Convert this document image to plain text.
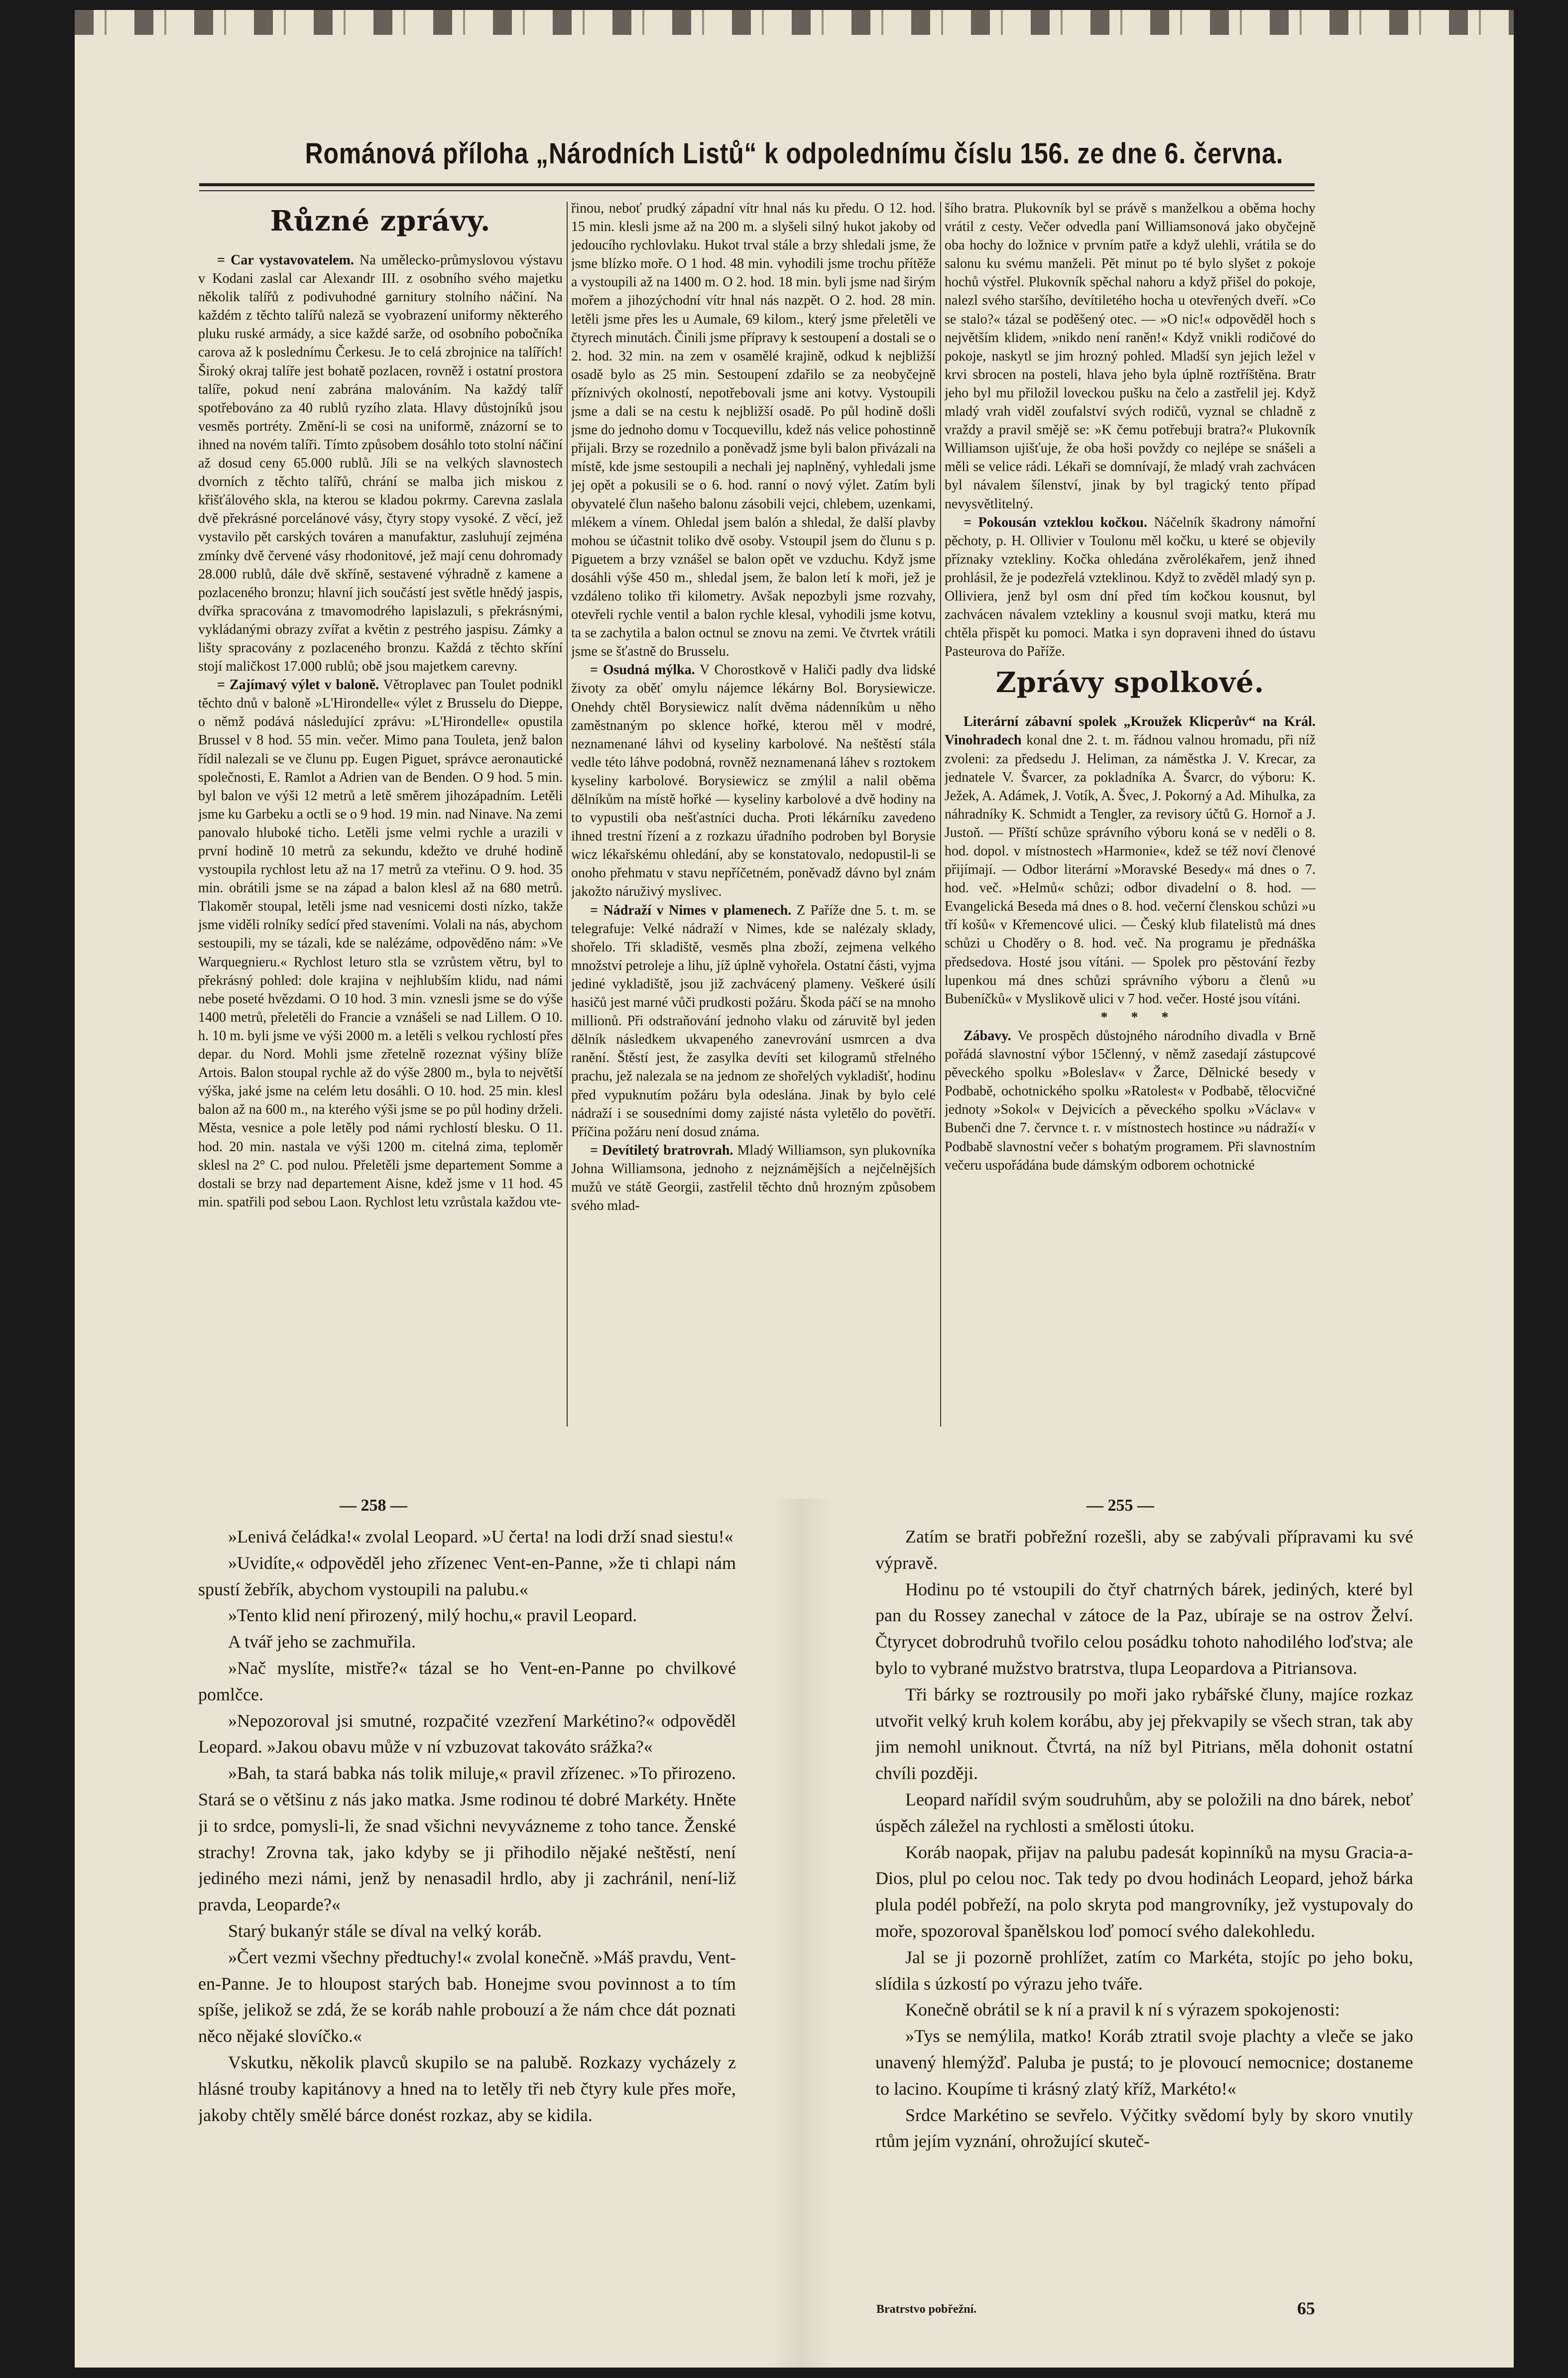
Románová příloha „Národních Listů“ k odpolednímu číslu 156. ze dne 6. června.
Různé zprávy.

= Car vystavovatelem. Na umělecko-průmyslovou výstavu v Kodani zaslal car Alexandr III. z osobního svého majetku několik talířů z podivuhodné garnitury stolního náčiní. Na každém z těchto talířů naleză se vyobrazení uniformy některého pluku ruské armády, a sice každé sarže, od osobního pobočníka carova až k poslednímu Čerkesu. Je to celá zbrojnice na talířích! Široký okraj talíře jest bohatě pozlacen, rovněž i ostatní prostora talíře, pokud není zabrána malováním. Na každý talíř spotřebováno za 40 rublů ryzího zlata. Hlavy důstojníků jsou vesměs portréty. Změní-li se cosi na uniformě, znázorní se to ihned na novém talíři. Tímto způsobem dosáhlo toto stolní náčiní až dosud ceny 65.000 rublů. Jíli se na velkých slavnostech dvorních z těchto talířů, chrání se malba jich miskou z křišťálového skla, na kterou se kladou pokrmy. Carevna zaslala dvě překrásné porcelánové vásy, čtyry stopy vysoké. Z věcí, jež vystavilo pět carských továren a manufaktur, zasluhují zejména zmínky dvě červené vásy rhodonitové, jež mají cenu dohromady 28.000 rublů, dále dvě skříně, sestavené výhradně z kamene a pozlaceného bronzu; hlavní jich součástí jest světle hnědý jaspis, dvířka spracována z tmavomodrého lapislazuli, s překrásnými, vykládanými obrazy zvířat a květin z pestrého jaspisu. Zámky a lišty spracovány z pozlaceného bronzu. Každá z těchto skříní stojí maličkost 17.000 rublů; obě jsou majetkem carevny.

= Zajímavý výlet v baloně. Větroplavec pan Toulet podnikl těchto dnů v baloně »L'Hirondelle« výlet z Brusselu do Dieppe, o němž podává následující zprávu: »L'Hirondelle« opustila Brussel v 8 hod. 55 min. večer. Mimo pana Touleta, jenž balon řídil nalezali se ve člunu pp. Eugen Piguet, správce aeronautické společnosti, E. Ramlot a Adrien van de Benden. O 9 hod. 5 min. byl balon ve výši 12 metrů a letě směrem jihozápadním. Letěli jsme ku Garbeku a octli se o 9 hod. 19 min. nad Ninave. Na zemi panovalo hluboké ticho. Letěli jsme velmi rychle a urazili v první hodině 10 metrů za sekundu, kdežto ve druhé hodině vystoupila rychlost letu až na 17 metrů za vteřinu. O 9. hod. 35 min. obrátili jsme se na západ a balon klesl až na 680 metrů. Tlakoměr stoupal, letěli jsme nad vesnicemi dosti nízko, takže jsme viděli rolníky sedící před staveními. Volali na nás, abychom sestoupili, my se tázali, kde se nalézáme, odpověděno nám: »Ve Warquegnieru.« Rychlost leturo stla se vzrůstem větru, byl to překrásný pohled: dole krajina v nejhlubším klidu, nad námi nebe poseté hvězdami. O 10 hod. 3 min. vznesli jsme se do výše 1400 metrů, přeletěli do Francie a vznášeli se nad Lillem. O 10. h. 10 m. byli jsme ve výši 2000 m. a letěli s velkou rychlostí přes depar. du Nord. Mohli jsme zřetelně rozeznat výšiny blíže Artois. Balon stoupal rychle až do výše 2800 m., byla to největší výška, jaké jsme na celém letu dosáhli. O 10. hod. 25 min. klesl balon až na 600 m., na kterého výši jsme se po půl hodiny drželi. Města, vesnice a pole letěly pod námi rychlostí blesku. O 11. hod. 20 min. nastala ve výši 1200 m. citelná zima, teploměr sklesl na 2° C. pod nulou. Přeletěli jsme departement Somme a dostali se brzy nad departement Aisne, kdež jsme v 11 hod. 45 min. spatřili pod sebou Laon. Rychlost letu vzrůstala každou vte-

řinou, neboť prudký západní vítr hnal nás ku předu. O 12. hod. 15 min. klesli jsme až na 200 m. a slyšeli silný hukot jakoby od jedoucího rychlovlaku. Hukot trval stále a brzy shledali jsme, že jsme blízko moře. O 1 hod. 48 min. vyhodili jsme trochu přítěže a vystoupili až na 1400 m. O 2. hod. 18 min. byli jsme nad širým mořem a jihozýchodní vítr hnal nás nazpět. O 2. hod. 28 min. letěli jsme přes les u Aumale, 69 kilom., který jsme přeletěli ve čtyrech minutách. Činili jsme přípravy k sestoupení a dostali se o 2. hod. 32 min. na zem v osamělé krajině, odkud k nejbližší osadě bylo as 25 min. Sestoupení zdařilo se za neobyčejně příznivých okolností, nepotřebovali jsme ani kotvy. Vystoupili jsme a dali se na cestu k nejbližší osadě. Po půl hodině došli jsme do jednoho domu v Tocquevillu, kdež nás velice pohostinně přijali. Brzy se rozednilo a poněvadž jsme byli balon přivázali na místě, kde jsme sestoupili a nechali jej naplněný, vyhledali jsme jej opět a pokusili se o 6. hod. ranní o nový výlet. Zatím byli obyvatelé člun našeho balonu zásobili vejci, chlebem, uzenkami, mlékem a vínem. Ohledal jsem balón a shledal, že další plavby mohou se účastnit toliko dvě osoby. Vstoupil jsem do člunu s p. Piguetem a brzy vznášel se balon opět ve vzduchu. Když jsme dosáhli výše 450 m., shledal jsem, že balon letí k moři, jež je vzdáleno toliko tři kilometry. Avšak nepozbyli jsme rozvahy, otevřeli rychle ventil a balon rychle klesal, vyhodili jsme kotvu, ta se zachytila a balon octnul se znovu na zemi. Ve čtvrtek vrátili jsme se šťastně do Brusselu.

= Osudná mýlka. V Chorostkově v Haliči padly dva lidské životy za oběť omylu nájemce lékárny Bol. Borysiewicze. Onehdy chtěl Borysiewicz nalít dvěma nádenníkům u něho zaměstnaným po sklence hořké, kterou měl v modré, neznamenané láhvi od kyseliny karbolové. Na neštěstí stála vedle této láhve podobná, rovněž neznamenaná láhev s roztokem kyseliny karbolové. Borysiewicz se zmýlil a nalil oběma dělníkům na místě hořké — kyseliny karbolové a dvě hodiny na to vypustili oba nešťastníci ducha. Proti lékárníku zavedeno ihned trestní řízení a z rozkazu úřadního podroben byl Borysie wicz lékařskému ohledání, aby se konstatovalo, nedopustil-li se onoho přehmatu v stavu nepříčetném, poněvadž dávno byl znám jakožto náruživý myslivec.

= Nádraží v Nimes v plamenech. Z Paříže dne 5. t. m. se telegrafuje: Velké nádraží v Nimes, kde se nalézaly sklady, shořelo. Tři skladiště, vesměs plna zboží, zejmena velkého množství petroleje a lihu, jíž úplně vyhořela. Ostatní části, vyjma jediné vykladiště, jsou již zachvácený plameny. Veškeré úsilí hasičů jest marné vůči prudkosti požáru. Škoda páčí se na mnoho millionů. Při odstraňování jednoho vlaku od záruvitě byl jeden dělník následkem ukvapeného zanevrování usmrcen a dva ranění. Štěstí jest, že zasylka devíti set kilogramů střelného prachu, jež nalezala se na jednom ze shořelých vykladišť, hodinu před vypuknutím požáru byla odeslána. Jinak by bylo celé nádraží i se sousedními domy zajisté násta vyletělo do povětří. Příčina požáru není dosud známa.

= Devítiletý bratrovrah. Mladý Williamson, syn plukovníka Johna Williamsona, jednoho z nejznámějších a nejčelnějších mužů ve státě Georgii, zastřelil těchto dnů hrozným způsobem svého mlad-

šího bratra. Plukovník byl se právě s manželkou a oběma hochy vrátil z cesty. Večer odvedla paní Williamsonová jako obyčejně oba hochy do ložnice v prvním patře a když ulehli, vrátila se do salonu ku svému manželi. Pět minut po té bylo slyšet z pokoje hochů výstřel. Plukovník spěchal nahoru a když přišel do pokoje, nalezl svého staršího, devítiletého hocha u otevřených dveří. »Co se stalo?« tázal se poděšený otec. — »O nic!« odpověděl hoch s největším klidem, »nikdo není raněn!« Když vnikli rodičové do pokoje, naskytl se jim hrozný pohled. Mladší syn jejich ležel v krvi sbrocen na posteli, hlava jeho byla úplně roztříštěna. Bratr jeho byl mu přiložil loveckou pušku na čelo a zastřelil jej. Když mladý vrah viděl zoufalství svých rodičů, vyznal se chladně z vraždy a pravil smějě se: »K čemu potřebuji bratra?« Plukovník Williamson ujišťuje, že oba hoši povždy co nejlépe se snášeli a měli se velice rádi. Lékaři se domnívají, že mladý vrah zachvácen byl návalem šílenství, jinak by byl tragický tento případ nevysvětlitelný.

= Pokousán vzteklou kočkou. Náčelník škadrony námořní pěchoty, p. H. Ollivier v Toulonu měl kočku, u které se objevily příznaky vztekliny. Kočka ohledána zvěrolékařem, jenž ihned prohlásil, že je podezřelá vzteklinou. Když to zvěděl mladý syn p. Olliviera, jenž byl osm dní před tím kočkou kousnut, byl zachvácen návalem vztekliny a kousnul svoji matku, která mu chtěla přispět ku pomoci. Matka i syn dopraveni ihned do ústavu Pasteurova do Paříže.

Zprávy spolkové.

Literární zábavní spolek „Kroužek Klicperův“ na Král. Vinohradech konal dne 2. t. m. řádnou valnou hromadu, při níž zvoleni: za předsedu J. Heliman, za náměstka J. V. Krecar, za jednatele V. Švarcer, za pokladníka A. Švarcr, do výboru: K. Ježek, A. Adámek, J. Votík, A. Švec, J. Pokorný a Ad. Mihulka, za náhradníky K. Schmidt a Tengler, za revisory účtů G. Hornoř a J. Justoň. — Příští schůze správního výboru koná se v neděli o 8. hod. dopol. v místnostech »Harmonie«, kdež se též noví členové přijímají. — Odbor literární »Moravské Besedy« má dnes o 7. hod. več. »Helmů« schůzi; odbor divadelní o 8. hod. — Evangelická Beseda má dnes o 8. hod. večerní členskou schůzi »u tří košů« v Křemencové ulici. — Český klub filatelistů má dnes schůzi u Choděry o 8. hod. več. Na programu je přednáška předsedova. Hosté jsou vítáni. — Spolek pro pěstování řezby lupenkou má dnes schůzi správního výboru a členů »u Bubeníčků« v Myslikově ulici v 7 hod. večer. Hosté jsou vítáni.

* * *

Zábavy. Ve prospěch důstojného národního divadla v Brně pořádá slavnostní výbor 15členný, v němž zasedají zástupcové pěveckého spolku »Boleslav« v Žarce, Dělnické besedy v Podbabě, ochotnického spolku »Ratolest« v Podbabě, tělocvičné jednoty »Sokol« v Dejvicích a pěveckého spolku »Václav« v Bubenči dne 7. červnce t. r. v místnostech hostince »u nádraží« v Podbabě slavnostní večer s bohatým programem. Při slavnostním večeru uspořádána bude dámským odborem ochotnické

— 258 —	— 255 —

»Lenivá čeládka!« zvolal Leopard. »U čerta! na lodi drží snad siestu!«

»Uvidíte,« odpověděl jeho zřízenec Vent-en-Panne, »že ti chlapi nám spustí žebřík, abychom vystoupili na palubu.«

»Tento klid není přirozený, milý hochu,« pravil Leopard.

A tvář jeho se zachmuřila.

»Nač myslíte, mistře?« tázal se ho Vent-en-Panne po chvilkové pomlčce.

»Nepozoroval jsi smutné, rozpačité vzezření Markétino?« odpověděl Leopard. »Jakou obavu může v ní vzbuzovat takováto srážka?«

»Bah, ta stará babka nás tolik miluje,« pravil zřízenec. »To přirozeno. Stará se o většinu z nás jako matka. Jsme rodinou té dobré Markéty. Hněte ji to srdce, pomysli-li, že snad všichni nevyvázneme z toho tance. Ženské strachy! Zrovna tak, jako kdyby se ji přihodilo nějaké neštěstí, není jediného mezi námi, jenž by nenasadil hrdlo, aby ji zachránil, není-liž pravda, Leoparde?«

Starý bukanýr stále se díval na velký koráb.

»Čert vezmi všechny předtuchy!« zvolal konečně. »Máš pravdu, Vent-en-Panne. Je to hloupost starých bab. Honejme svou povinnost a to tím spíše, jelikož se zdá, že se koráb nahle probouzí a že nám chce dát poznati něco nějaké slovíčko.«

Vskutku, několik plavců skupilo se na palubě. Rozkazy vycházely z hlásné trouby kapitánovy a hned na to letěly tři neb čtyry kule přes moře, jakoby chtěly smělé bárce donést rozkaz, aby se kidila.

Zatím se bratři pobřežní rozešli, aby se zabývali přípravami ku své výpravě.

Hodinu po té vstoupili do čtyř chatrných bárek, jediných, které byl pan du Rossey zanechal v zátoce de la Paz, ubíraje se na ostrov Želví. Čtyrycet dobrodruhů tvořilo celou posádku tohoto nahodilého loďstva; ale bylo to vybrané mužstvo bratrstva, tlupa Leopardova a Pitriansova.

Tři bárky se roztrousily po moři jako rybářské čluny, majíce rozkaz utvořit velký kruh kolem korábu, aby jej překvapily se všech stran, tak aby jim nemohl uniknout. Čtvrtá, na níž byl Pitrians, měla dohonit ostatní chvíli později.

Leopard nařídil svým soudruhům, aby se položili na dno bárek, neboť úspěch záležel na rychlosti a smělosti útoku.

Koráb naopak, přijav na palubu padesát kopinníků na mysu Gracia-a-Dios, plul po celou noc. Tak tedy po dvou hodinách Leopard, jehož bárka plula podél pobřeží, na polo skryta pod mangrovníky, jež vystupovaly do moře, spozoroval španělskou loď pomocí svého dalekohledu.

Jal se ji pozorně prohlížet, zatím co Markéta, stojíc po jeho boku, slídila s úzkostí po výrazu jeho tváře.

Konečně obrátil se k ní a pravil k ní s výrazem spokojenosti:

»Tys se nemýlila, matko! Koráb ztratil svoje plachty a vleče se jako unavený hlemýžď. Paluba je pustá; to je plovoucí nemocnice; dostaneme to lacino. Koupíme ti krásný zlatý kříž, Markéto!«

Srdce Markétino se sevřelo. Výčitky svědomí byly by skoro vnutily rtům jejím vyznání, ohrožující skuteč-

Bratrstvo pobřežní.	65
